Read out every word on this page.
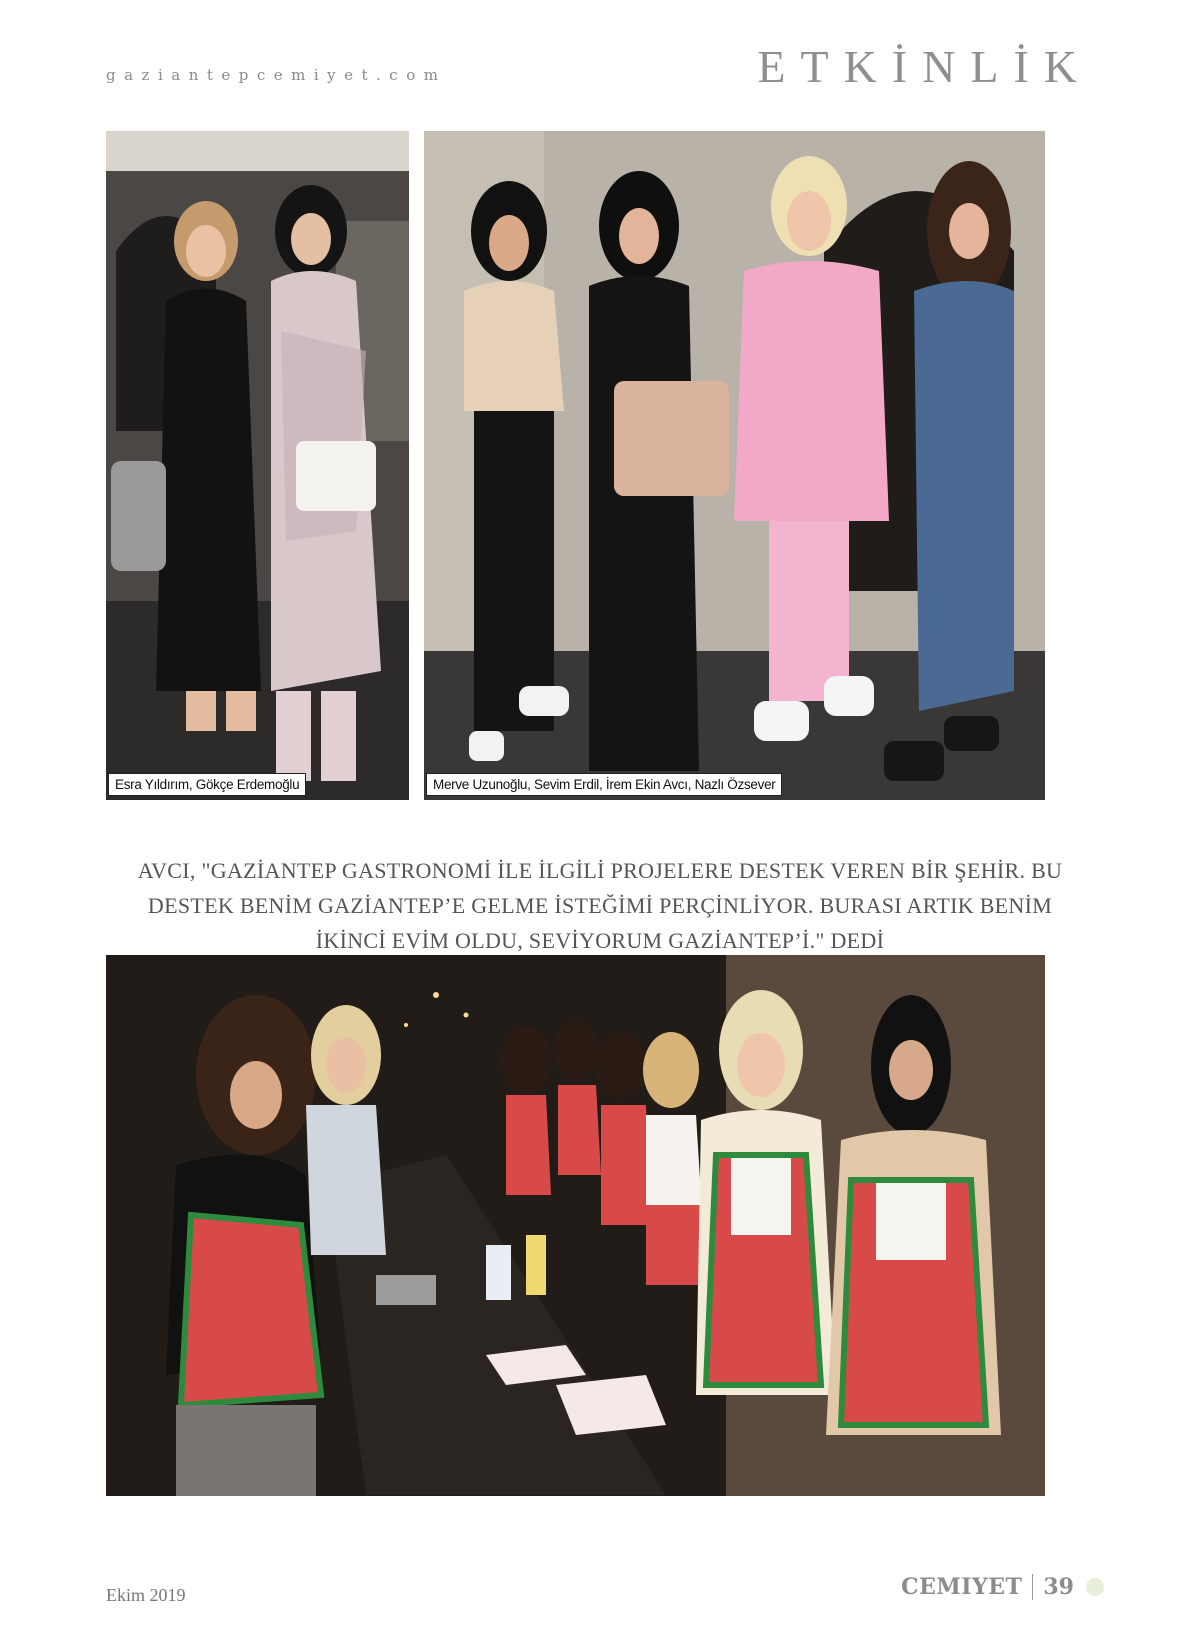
gaziantepcemiyet.com	ETKİNLİK
Esra Yıldırım, Gökçe Erdemoğlu	Merve Uzunoğlu, Sevim Erdil, İrem Ekin Avcı, Nazlı Özsever
AVCI, "GAZİANTEP GASTRONOMİ İLE İLGİLİ PROJELERE DESTEK VEREN BİR ŞEHİR. BU
DESTEK BENİM GAZİANTEP’E GELME İSTEĞİMİ PERÇİNLİYOR. BURASI ARTIK BENİM
İKİNCİ EVİM OLDU, SEVİYORUM GAZİANTEP’İ." DEDİ
Ekim 2019	CEMIYET 39
